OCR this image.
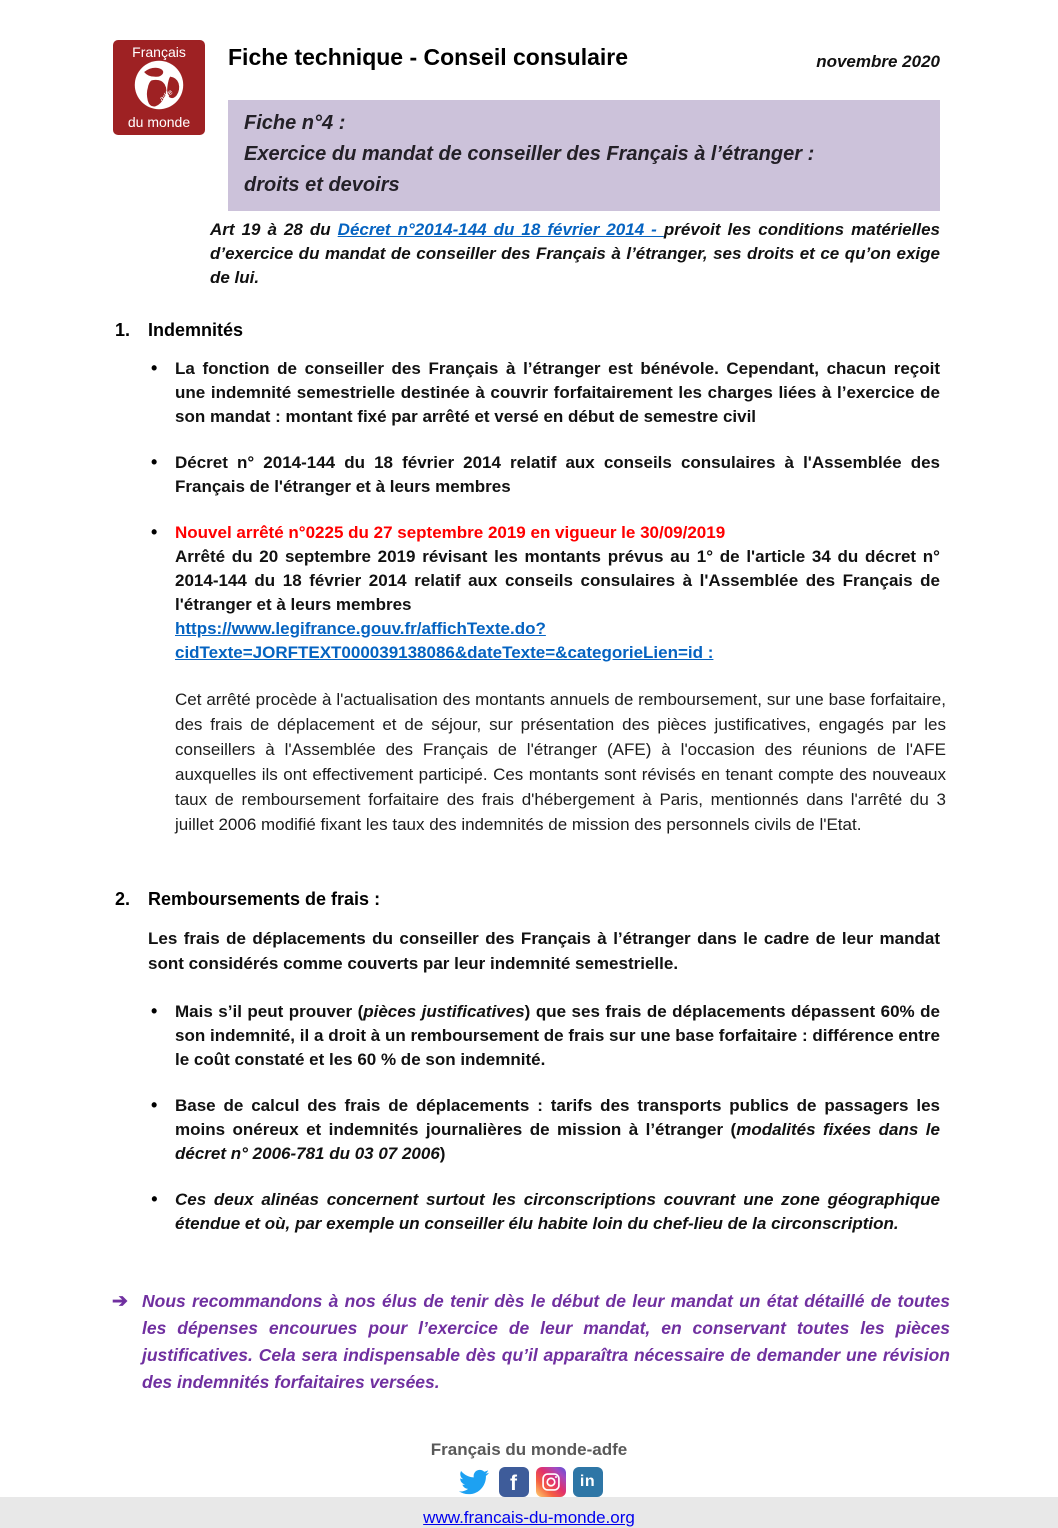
Français
adfe
du monde
Fiche technique - Conseil consulaire	novembre 2020
Fiche n°4 :
Exercice du mandat de conseiller des Français à l’étranger :
droits et devoirs
Art 19 à 28 du Décret n°2014-144 du 18 février 2014 - prévoit les conditions matérielles d’exercice du mandat de conseiller des Français à l’étranger, ses droits et ce qu’on exige de lui.
1. Indemnités
• La fonction de conseiller des Français à l’étranger est bénévole. Cependant, chacun reçoit une indemnité semestrielle destinée à couvrir forfaitairement les charges liées à l’exercice de son mandat : montant fixé par arrêté et versé en début de semestre civil
• Décret n° 2014-144 du 18 février 2014 relatif aux conseils consulaires à l'Assemblée des Français de l'étranger et à leurs membres
• Nouvel arrêté n°0225 du 27 septembre 2019 en vigueur le 30/09/2019
Arrêté du 20 septembre 2019 révisant les montants prévus au 1° de l'article 34 du décret n° 2014-144 du 18 février 2014 relatif aux conseils consulaires à l'Assemblée des Français de l'étranger et à leurs membres
https://www.legifrance.gouv.fr/affichTexte.do?cidTexte=JORFTEXT000039138086&dateTexte=&categorieLien=id :
Cet arrêté procède à l'actualisation des montants annuels de remboursement, sur une base forfaitaire, des frais de déplacement et de séjour, sur présentation des pièces justificatives, engagés par les conseillers à l'Assemblée des Français de l'étranger (AFE) à l'occasion des réunions de l'AFE auxquelles ils ont effectivement participé. Ces montants sont révisés en tenant compte des nouveaux taux de remboursement forfaitaire des frais d'hébergement à Paris, mentionnés dans l'arrêté du 3 juillet 2006 modifié fixant les taux des indemnités de mission des personnels civils de l'Etat.
2. Remboursements de frais :
Les frais de déplacements du conseiller des Français à l’étranger dans le cadre de leur mandat sont considérés comme couverts par leur indemnité semestrielle.
• Mais s’il peut prouver (pièces justificatives) que ses frais de déplacements dépassent 60% de son indemnité, il a droit à un remboursement de frais sur une base forfaitaire : différence entre le coût constaté et les 60 % de son indemnité.
• Base de calcul des frais de déplacements : tarifs des transports publics de passagers les moins onéreux et indemnités journalières de mission à l’étranger (modalités fixées dans le décret n° 2006-781 du 03 07 2006)
• Ces deux alinéas concernent surtout les circonscriptions couvrant une zone géographique étendue et où, par exemple un conseiller élu habite loin du chef-lieu de la circonscription.
➔ Nous recommandons à nos élus de tenir dès le début de leur mandat un état détaillé de toutes les dépenses encourues pour l’exercice de leur mandat, en conservant toutes les pièces justificatives. Cela sera indispensable dès qu’il apparaîtra nécessaire de demander une révision des indemnités forfaitaires versées.
Français du monde-adfe
f	in
www.francais-du-monde.org
